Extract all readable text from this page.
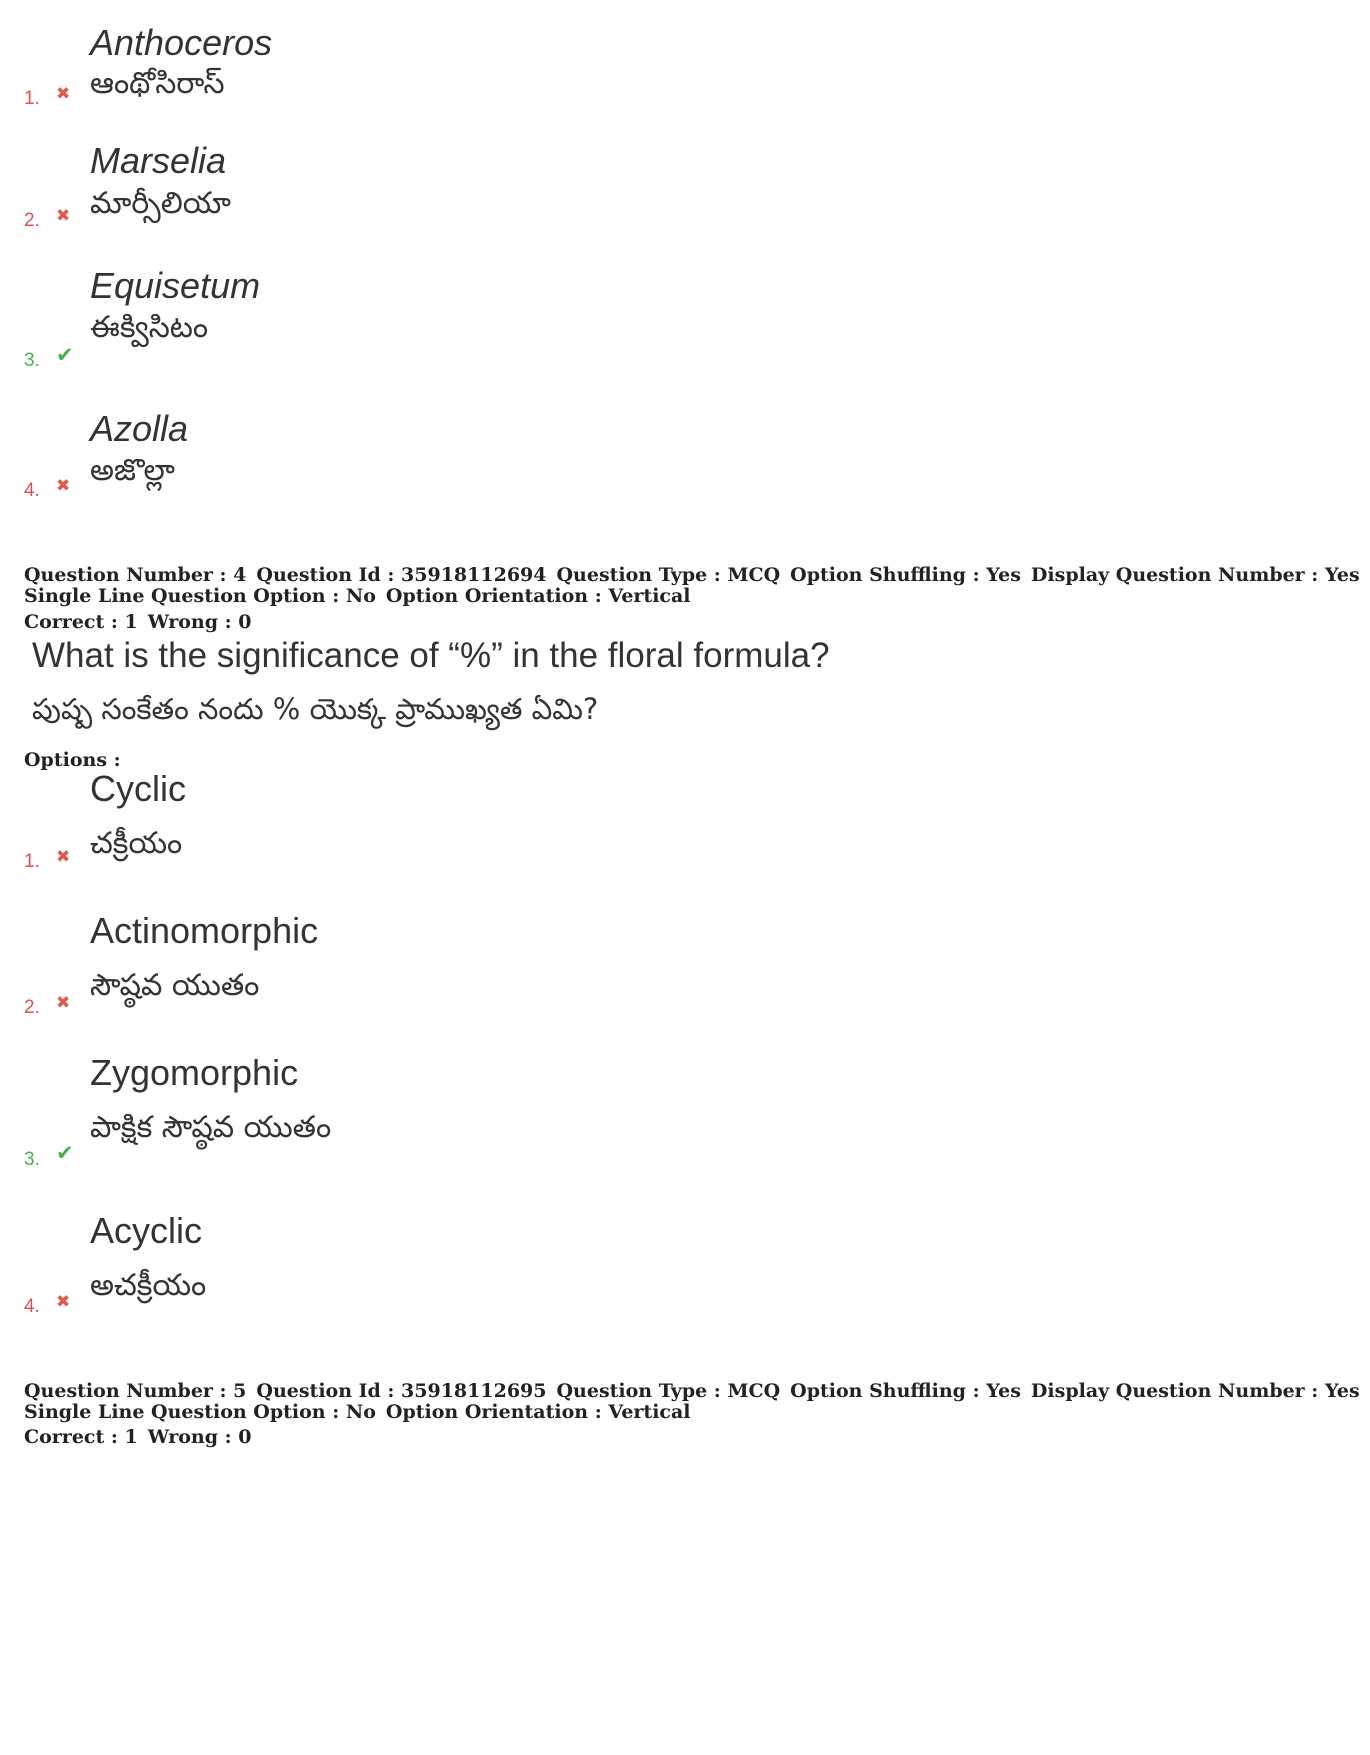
Anthoceros
ఆంథోసిరాస్
1. ✖
Marselia
మార్సీలియా
2. ✖
Equisetum
ఈక్విసిటం
3. ✔
Azolla
అజొల్లా
4. ✖
Question Number : 4 Question Id : 35918112694 Question Type : MCQ Option Shuffling : Yes Display Question Number : Yes
Single Line Question Option : No Option Orientation : Vertical
Correct : 1 Wrong : 0
What is the significance of “%” in the floral formula?
పుష్ప సంకేతం నందు % యొక్క ప్రాముఖ్యత ఏమి?
Options :
Cyclic
చక్రీయం
1. ✖
Actinomorphic
సౌష్ఠవ యుతం
2. ✖
Zygomorphic
పాక్షిక సౌష్ఠవ యుతం
3. ✔
Acyclic
అచక్రీయం
4. ✖
Question Number : 5 Question Id : 35918112695 Question Type : MCQ Option Shuffling : Yes Display Question Number : Yes
Single Line Question Option : No Option Orientation : Vertical
Correct : 1 Wrong : 0
